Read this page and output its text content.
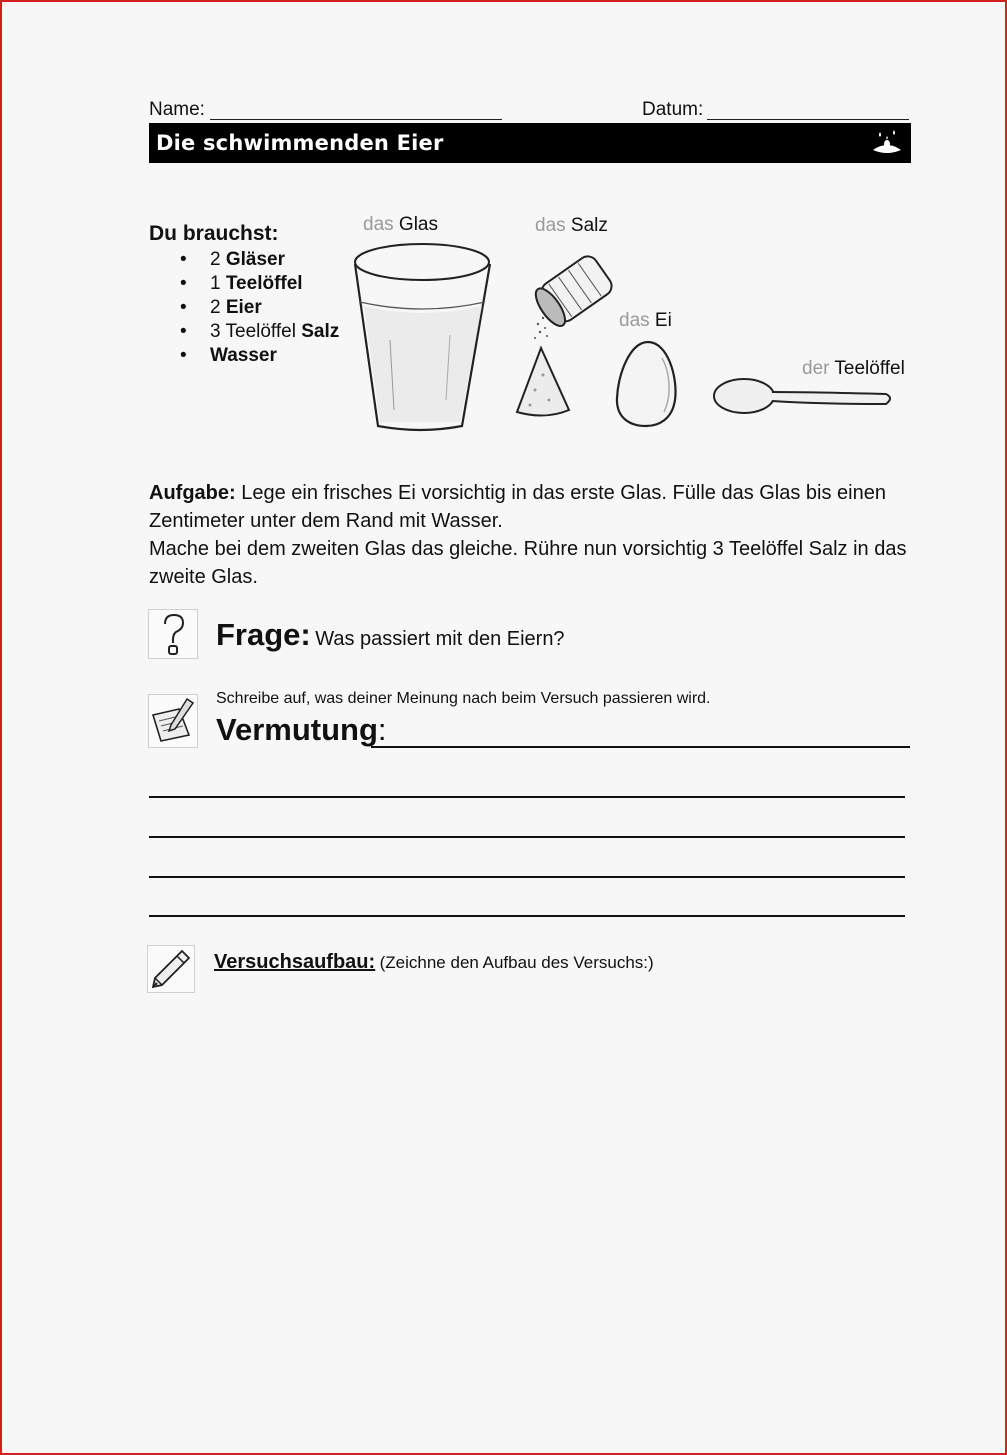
Name:	Datum:
Die schwimmenden Eier
Du brauchst:
• 2 Gläser
• 1 Teelöffel
• 2 Eier
• 3 Teelöffel Salz
• Wasser
das Glas	das Salz
das Ei
der Teelöffel
Aufgabe: Lege ein frisches Ei vorsichtig in das erste Glas. Fülle das Glas bis einen
Zentimeter unter dem Rand mit Wasser.
Mache bei dem zweiten Glas das gleiche. Rühre nun vorsichtig 3 Teelöffel Salz in das
zweite Glas.
Frage: Was passiert mit den Eiern?
Schreibe auf, was deiner Meinung nach beim Versuch passieren wird.
Vermutung:
Versuchsaufbau: (Zeichne den Aufbau des Versuchs:)
